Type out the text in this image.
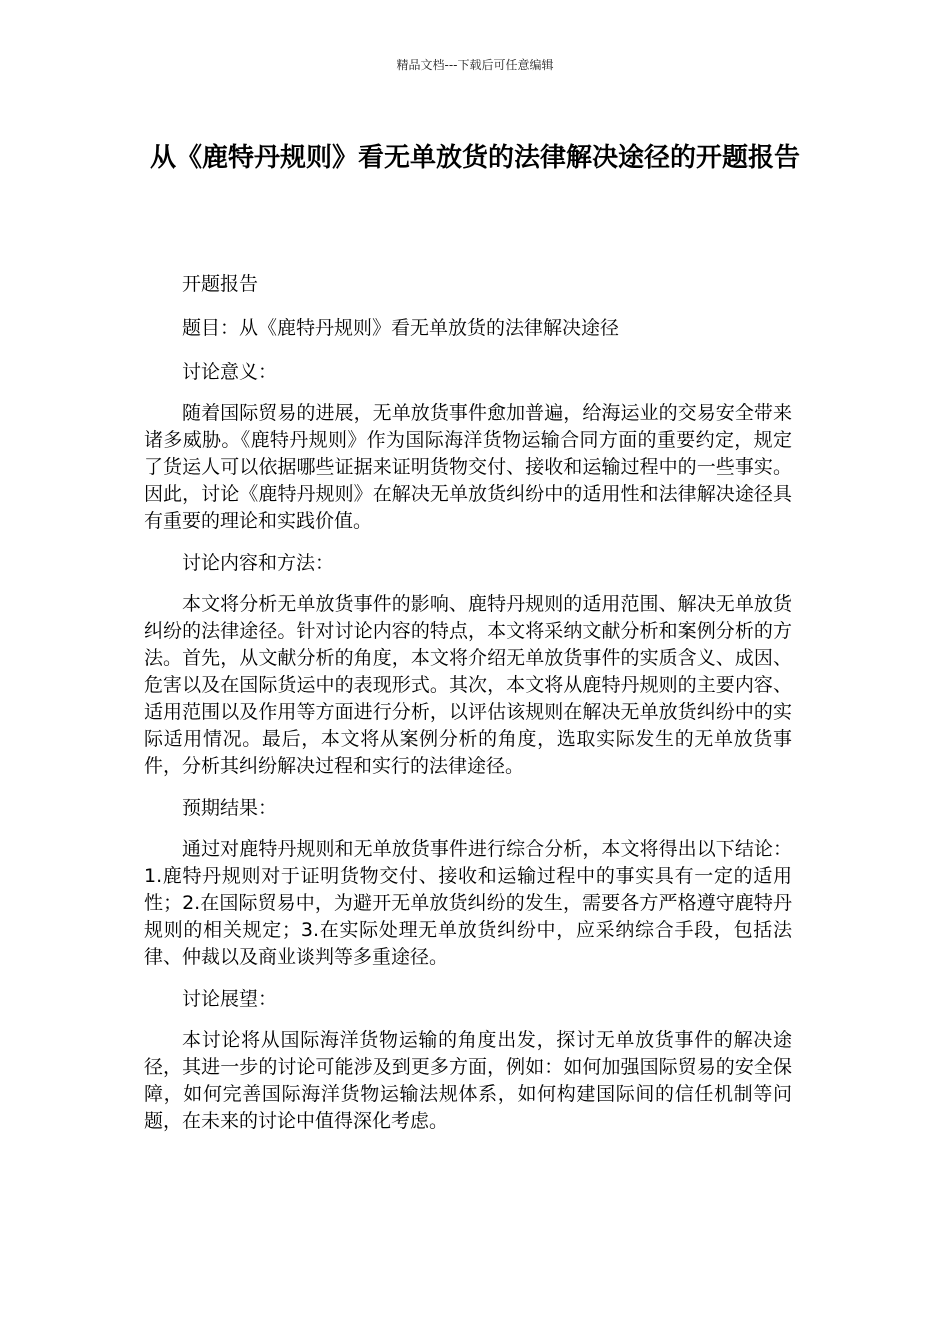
精品文档---下载后可任意编辑
从《鹿特丹规则》看无单放货的法律解决途径的开题报告

开题报告

题目：从《鹿特丹规则》看无单放货的法律解决途径

讨论意义：

随着国际贸易的进展，无单放货事件愈加普遍，给海运业的交易安全带来诸多威胁。《鹿特丹规则》作为国际海洋货物运输合同方面的重要约定，规定了货运人可以依据哪些证据来证明货物交付、接收和运输过程中的一些事实。因此，讨论《鹿特丹规则》在解决无单放货纠纷中的适用性和法律解决途径具有重要的理论和实践价值。

讨论内容和方法：

本文将分析无单放货事件的影响、鹿特丹规则的适用范围、解决无单放货纠纷的法律途径。针对讨论内容的特点，本文将采纳文献分析和案例分析的方法。首先，从文献分析的角度，本文将介绍无单放货事件的实质含义、成因、危害以及在国际货运中的表现形式。其次，本文将从鹿特丹规则的主要内容、适用范围以及作用等方面进行分析，以评估该规则在解决无单放货纠纷中的实际适用情况。最后，本文将从案例分析的角度，选取实际发生的无单放货事件，分析其纠纷解决过程和实行的法律途径。

预期结果：

通过对鹿特丹规则和无单放货事件进行综合分析，本文将得出以下结论：1.鹿特丹规则对于证明货物交付、接收和运输过程中的事实具有一定的适用性；2.在国际贸易中，为避开无单放货纠纷的发生，需要各方严格遵守鹿特丹规则的相关规定；3.在实际处理无单放货纠纷中，应采纳综合手段，包括法律、仲裁以及商业谈判等多重途径。

讨论展望：

本讨论将从国际海洋货物运输的角度出发，探讨无单放货事件的解决途径，其进一步的讨论可能涉及到更多方面，例如：如何加强国际贸易的安全保障，如何完善国际海洋货物运输法规体系，如何构建国际间的信任机制等问题，在未来的讨论中值得深化考虑。
